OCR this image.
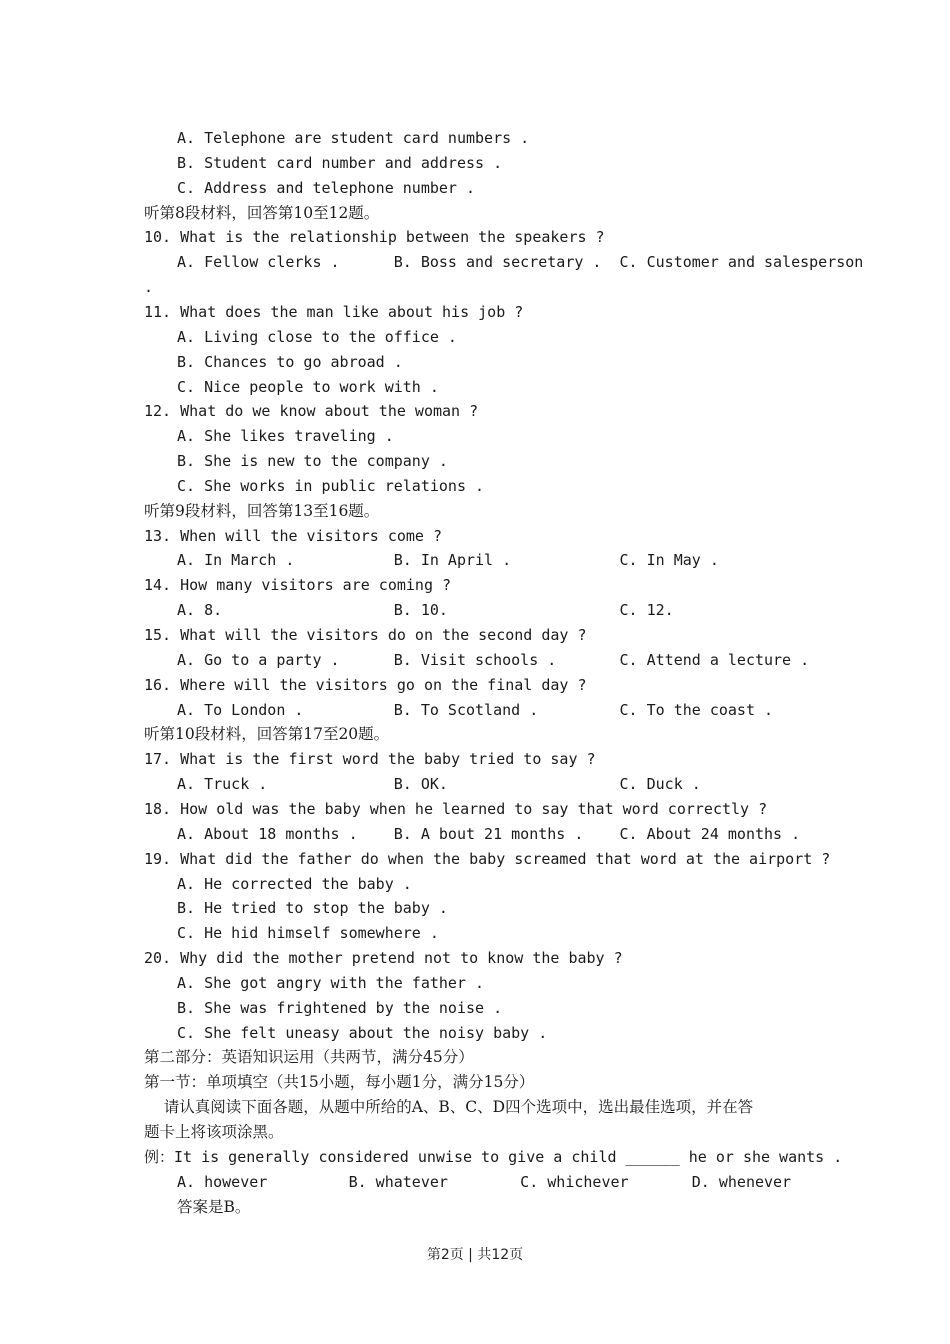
A. Telephone are student card numbers .
B. Student card number and address .
C. Address and telephone number .
听第8段材料，回答第10至12题。
10. What is the relationship between the speakers ?
A. Fellow clerks .      B. Boss and secretary .  C. Customer and salesperson
.
11. What does the man like about his job ?
A. Living close to the office .
B. Chances to go abroad .
C. Nice people to work with .
12. What do we know about the woman ?
A. She likes traveling .
B. She is new to the company .
C. She works in public relations .
听第9段材料，回答第13至16题。
13. When will the visitors come ?
A. In March .           B. In April .            C. In May .
14. How many visitors are coming ?
A. 8.                   B. 10.                   C. 12.
15. What will the visitors do on the second day ?
A. Go to a party .      B. Visit schools .       C. Attend a lecture .
16. Where will the visitors go on the final day ?
A. To London .          B. To Scotland .         C. To the coast .
听第10段材料，回答第17至20题。
17. What is the first word the baby tried to say ?
A. Truck .              B. OK.                   C. Duck .
18. How old was the baby when he learned to say that word correctly ?
A. About 18 months .    B. A bout 21 months .    C. About 24 months .
19. What did the father do when the baby screamed that word at the airport ?
A. He corrected the baby .
B. He tried to stop the baby .
C. He hid himself somewhere .
20. Why did the mother pretend not to know the baby ?
A. She got angry with the father .
B. She was frightened by the noise .
C. She felt uneasy about the noisy baby .
第二部分：英语知识运用（共两节，满分45分）
第一节：单项填空（共15小题，每小题1分，满分15分）
请认真阅读下面各题，从题中所给的A、B、C、D四个选项中，选出最佳选项，并在答
题卡上将该项涂黑。
例：It is generally considered unwise to give a child ______ he or she wants .
A. however         B. whatever        C. whichever       D. whenever
答案是B。
第2页 | 共12页
